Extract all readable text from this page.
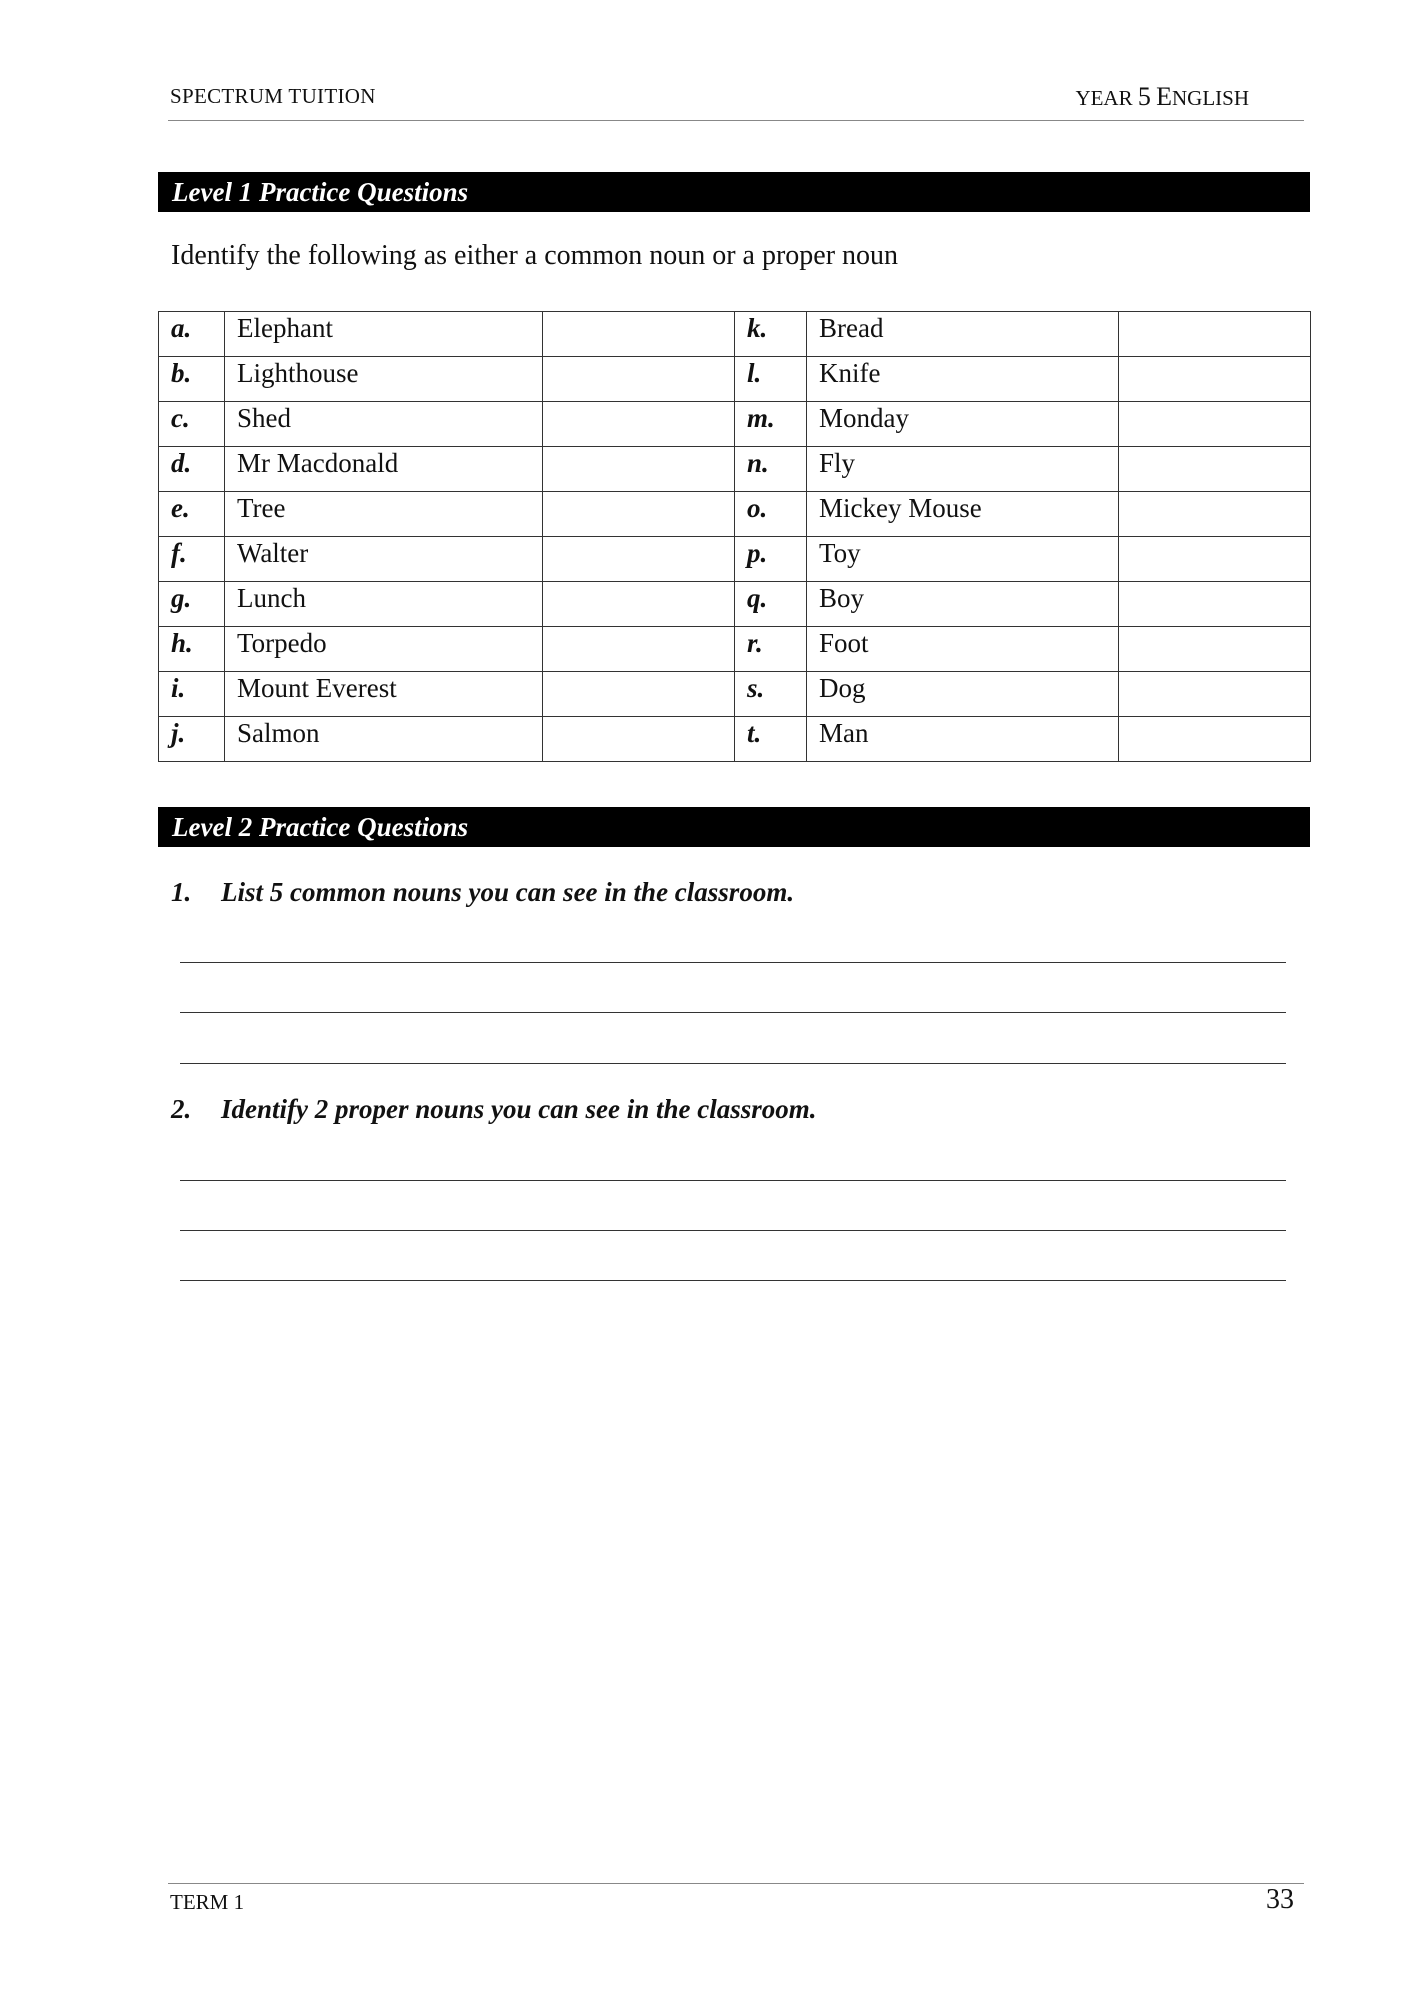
SPECTRUM TUITION	YEAR 5 ENGLISH
Level 1 Practice Questions
Identify the following as either a common noun or a proper noun
a.	Elephant		k.	Bread	
b.	Lighthouse		l.	Knife	
c.	Shed		m.	Monday	
d.	Mr Macdonald		n.	Fly	
e.	Tree		o.	Mickey Mouse	
f.	Walter		p.	Toy	
g.	Lunch		q.	Boy	
h.	Torpedo		r.	Foot	
i.	Mount Everest		s.	Dog	
j.	Salmon		t.	Man	
Level 2 Practice Questions
1. List 5 common nouns you can see in the classroom.
2. Identify 2 proper nouns you can see in the classroom.
TERM 1	33
